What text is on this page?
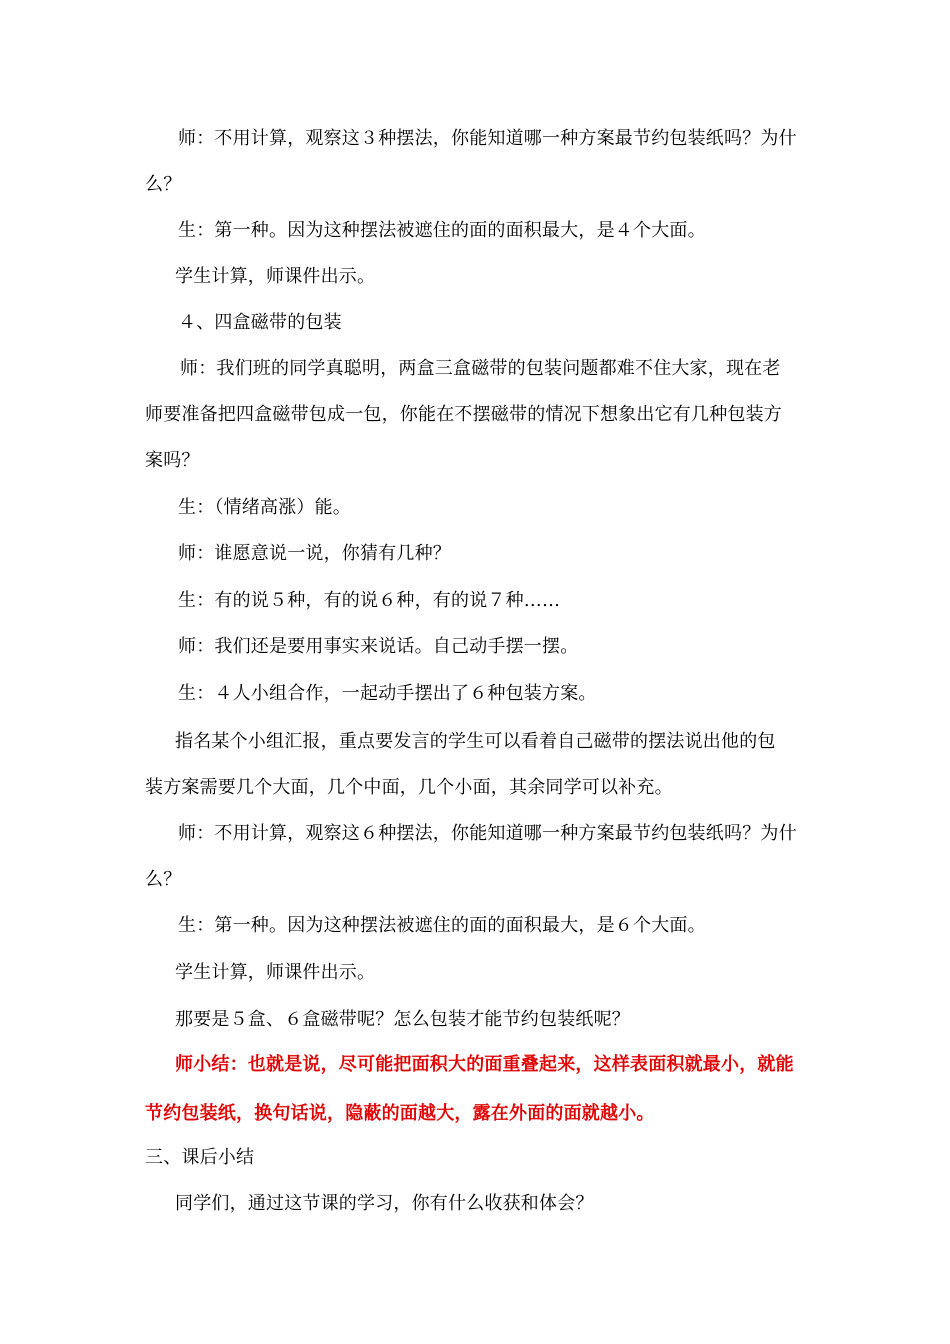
师：不用计算，观察这３种摆法，你能知道哪一种方案最节约包装纸吗？为什
么？
生：第一种。因为这种摆法被遮住的面的面积最大，是４个大面。
学生计算，师课件出示。
４、四盒磁带的包装
师：我们班的同学真聪明，两盒三盒磁带的包装问题都难不住大家，现在老
师要准备把四盒磁带包成一包，你能在不摆磁带的情况下想象出它有几种包装方
案吗？
生：（情绪高涨）能。
师：谁愿意说一说，你猜有几种？
生：有的说５种，有的说６种，有的说７种……
师：我们还是要用事实来说话。自己动手摆一摆。
生：４人小组合作，一起动手摆出了６种包装方案。
指名某个小组汇报，重点要发言的学生可以看着自己磁带的摆法说出他的包
装方案需要几个大面，几个中面，几个小面，其余同学可以补充。
师：不用计算，观察这６种摆法，你能知道哪一种方案最节约包装纸吗？为什
么？
生：第一种。因为这种摆法被遮住的面的面积最大，是６个大面。
学生计算，师课件出示。
那要是５盒、６盒磁带呢？怎么包装才能节约包装纸呢？
师小结：也就是说，尽可能把面积大的面重叠起来，这样表面积就最小，就能
节约包装纸，换句话说，隐蔽的面越大，露在外面的面就越小。
三、课后小结
同学们，通过这节课的学习，你有什么收获和体会？
